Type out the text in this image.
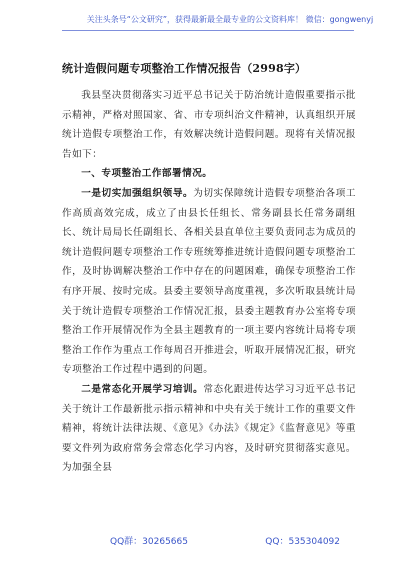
关注头条号“公文研究”，获得最新最全最专业的公文资料库！ 微信：gongwenyj
统计造假问题专项整治工作情况报告（2998字）

我县坚决贯彻落实习近平总书记关于防治统计造假重要指示批示精神，严格对照国家、省、市专项纠治文件精神，认真组织开展统计造假专项整治工作，有效解决统计造假问题。现将有关情况报告如下：

一、专项整治工作部署情况。

一是切实加强组织领导。为切实保障统计造假专项整治各项工作高质高效完成，成立了由县长任组长、常务副县长任常务副组长、统计局局长任副组长、各相关县直单位主要负责同志为成员的统计造假问题专项整治工作专班统筹推进统计造假问题专项整治工作，及时协调解决整治工作中存在的问题困难，确保专项整治工作有序开展、按时完成。县委主要领导高度重视，多次听取县统计局关于统计造假专项整治工作情况汇报，县委主题教育办公室将专项整治工作开展情况作为全县主题教育的一项主要内容统计局将专项整治工作作为重点工作每周召开推进会，听取开展情况汇报，研究专项整治工作过程中遇到的问题。

二是常态化开展学习培训。常态化跟进传达学习习近平总书记关于统计工作最新批示指示精神和中央有关于统计工作的重要文件精神，将统计法律法规、《意见》《办法》《规定》《监督意见》等重要文件列为政府常务会常态化学习内容，及时研究贯彻落实意见。为加强全县

QQ群：30265665	QQ：535304092
